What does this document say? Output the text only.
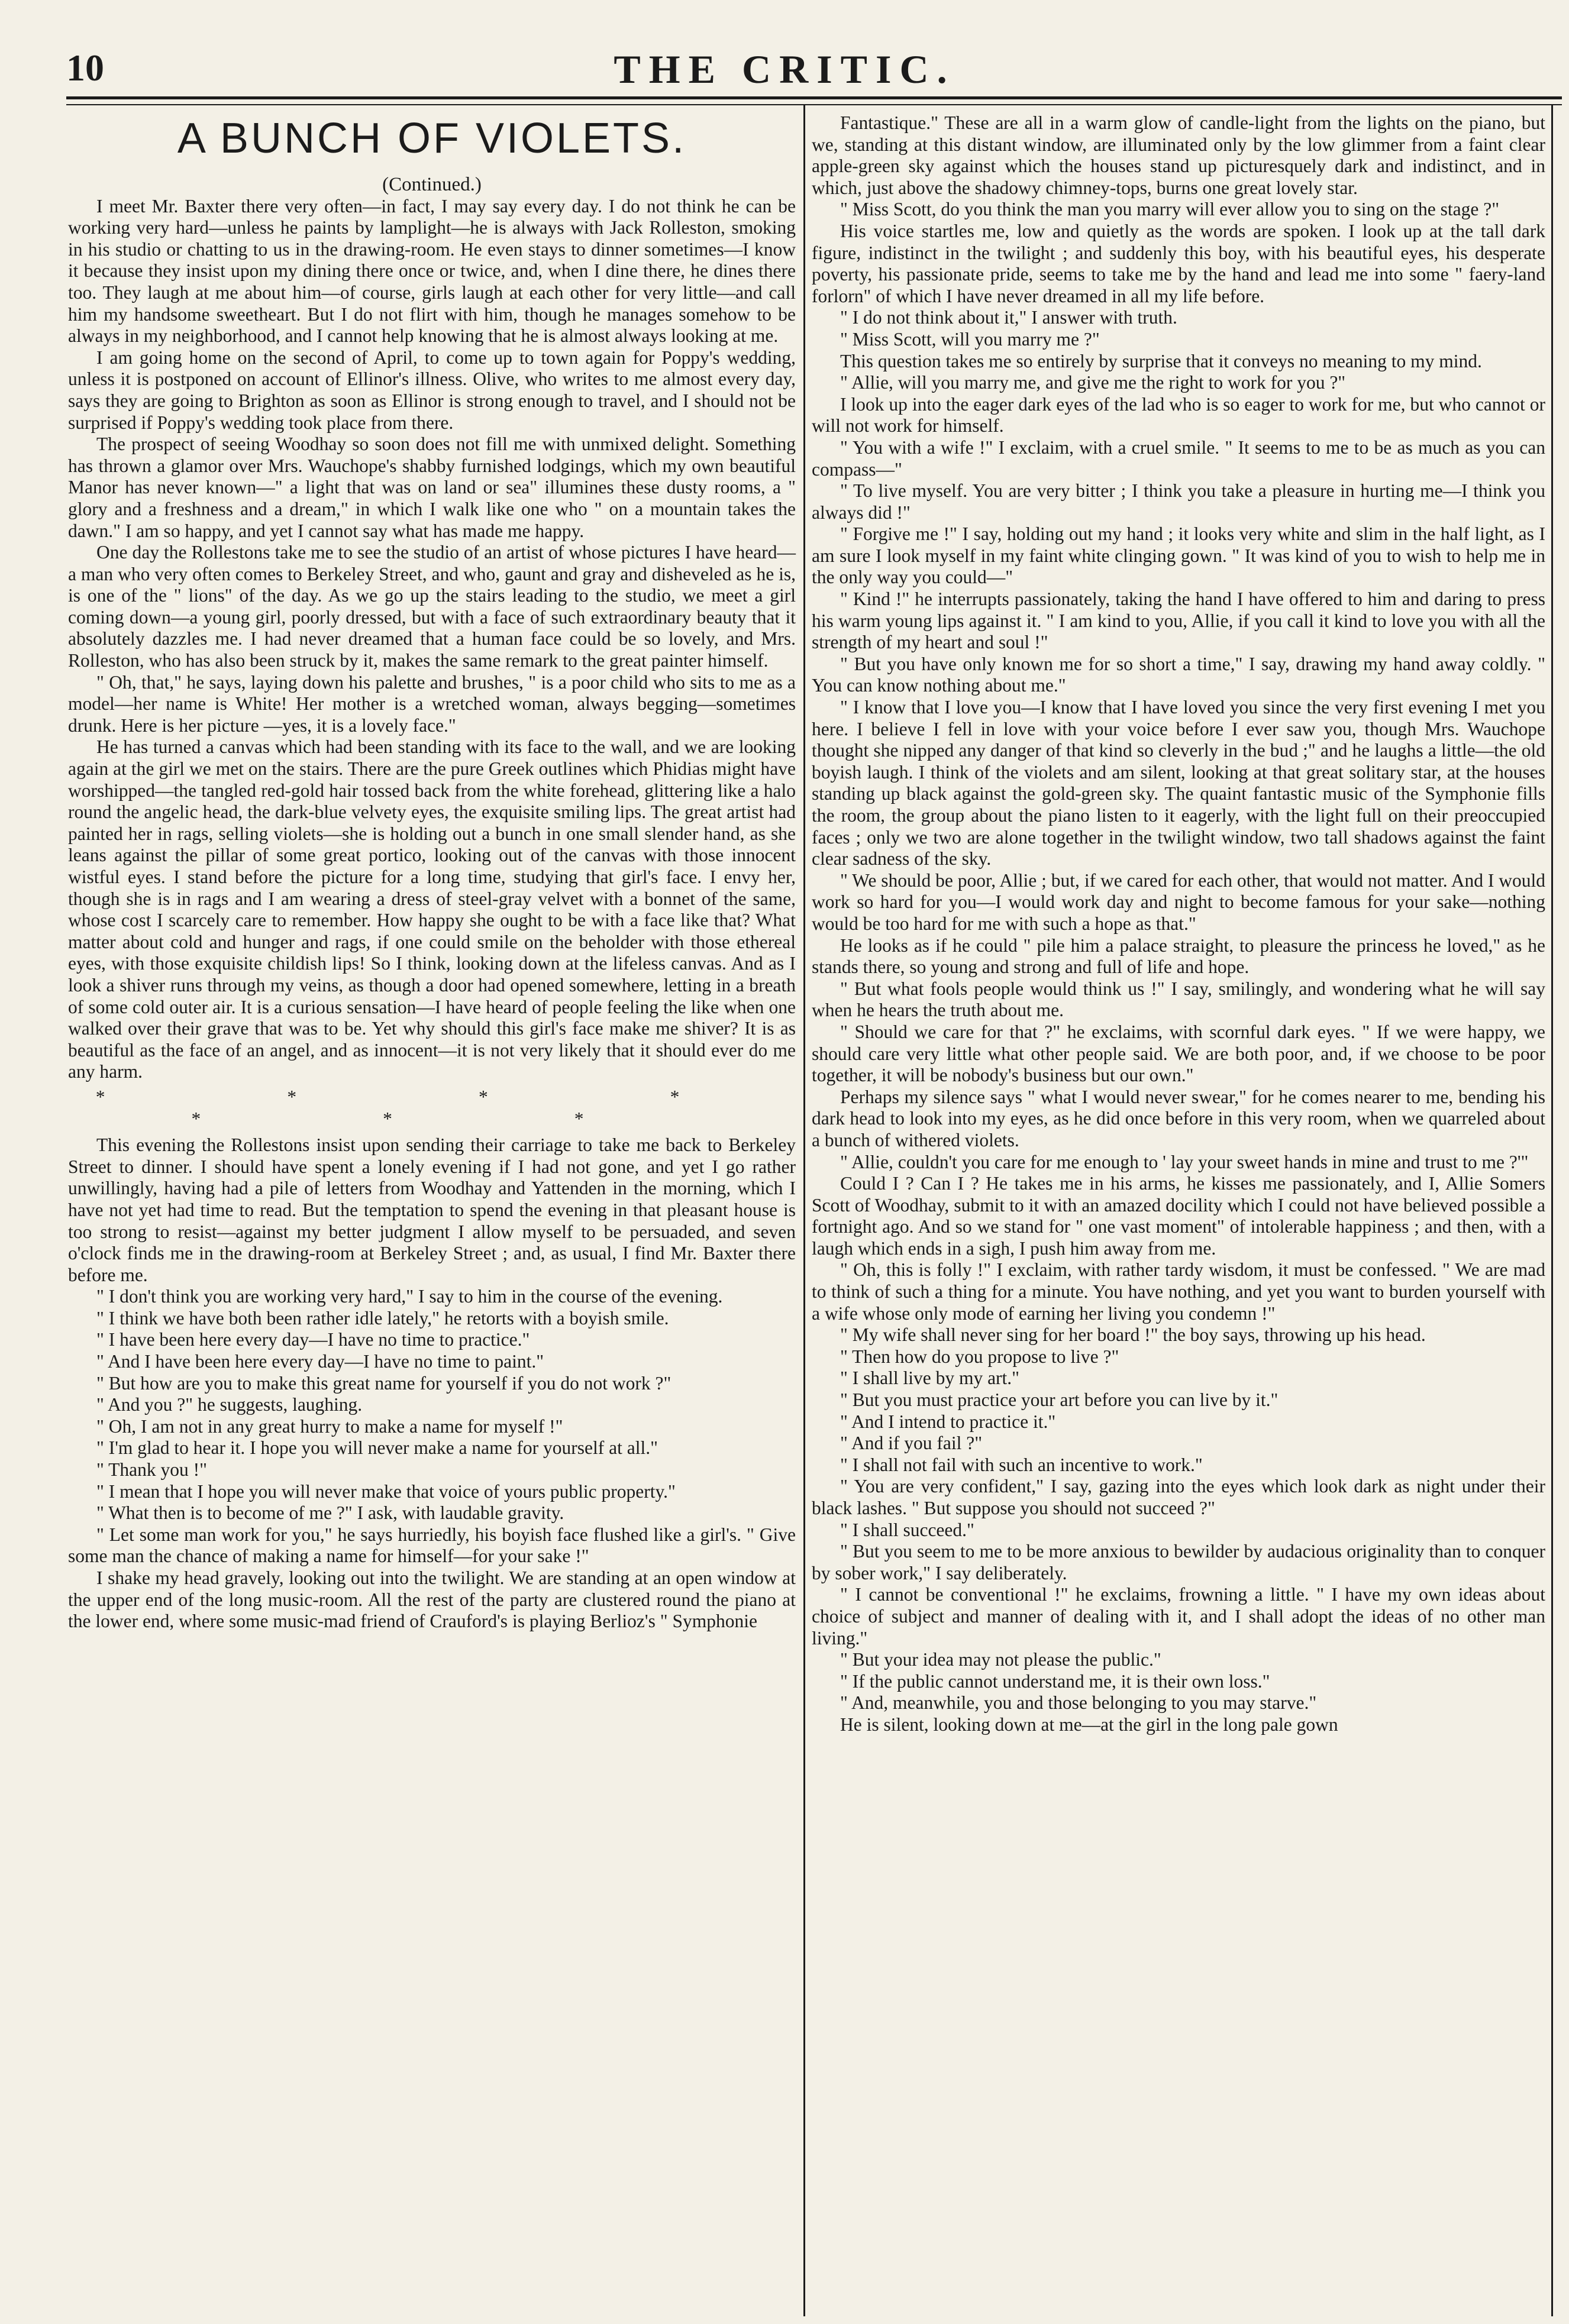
10	THE CRITIC.
A BUNCH OF VIOLETS.

(Continued.)

I meet Mr. Baxter there very often—in fact, I may say every day. I do not think he can be working very hard—unless he paints by lamplight—he is always with Jack Rolleston, smoking in his studio or chatting to us in the drawing-room. He even stays to dinner sometimes—I know it because they insist upon my dining there once or twice, and, when I dine there, he dines there too. They laugh at me about him—of course, girls laugh at each other for very little—and call him my handsome sweetheart. But I do not flirt with him, though he manages somehow to be always in my neighborhood, and I cannot help knowing that he is almost always looking at me.

I am going home on the second of April, to come up to town again for Poppy's wedding, unless it is postponed on account of Ellinor's illness. Olive, who writes to me almost every day, says they are going to Brighton as soon as Ellinor is strong enough to travel, and I should not be surprised if Poppy's wedding took place from there.

The prospect of seeing Woodhay so soon does not fill me with unmixed delight. Something has thrown a glamor over Mrs. Wauchope's shabby furnished lodgings, which my own beautiful Manor has never known—" a light that was on land or sea" illumines these dusty rooms, a " glory and a freshness and a dream," in which I walk like one who " on a mountain takes the dawn." I am so happy, and yet I cannot say what has made me happy.

One day the Rollestons take me to see the studio of an artist of whose pictures I have heard—a man who very often comes to Berkeley Street, and who, gaunt and gray and disheveled as he is, is one of the " lions" of the day. As we go up the stairs leading to the studio, we meet a girl coming down—a young girl, poorly dressed, but with a face of such extraordinary beauty that it absolutely dazzles me. I had never dreamed that a human face could be so lovely, and Mrs. Rolleston, who has also been struck by it, makes the same remark to the great painter himself.

" Oh, that," he says, laying down his palette and brushes, " is a poor child who sits to me as a model—her name is White! Her mother is a wretched woman, always begging—sometimes drunk. Here is her picture —yes, it is a lovely face."

He has turned a canvas which had been standing with its face to the wall, and we are looking again at the girl we met on the stairs. There are the pure Greek outlines which Phidias might have worshipped—the tangled red-gold hair tossed back from the white forehead, glittering like a halo round the angelic head, the dark-blue velvety eyes, the exquisite smiling lips. The great artist had painted her in rags, selling violets—she is holding out a bunch in one small slender hand, as she leans against the pillar of some great portico, looking out of the canvas with those innocent wistful eyes. I stand before the picture for a long time, studying that girl's face. I envy her, though she is in rags and I am wearing a dress of steel-gray velvet with a bonnet of the same, whose cost I scarcely care to remember. How happy she ought to be with a face like that? What matter about cold and hunger and rags, if one could smile on the beholder with those ethereal eyes, with those exquisite childish lips! So I think, looking down at the lifeless canvas. And as I look a shiver runs through my veins, as though a door had opened somewhere, letting in a breath of some cold outer air. It is a curious sensation—I have heard of people feeling the like when one walked over their grave that was to be. Yet why should this girl's face make me shiver? It is as beautiful as the face of an angel, and as innocent—it is not very likely that it should ever do me any harm.

* * * * * * *

This evening the Rollestons insist upon sending their carriage to take me back to Berkeley Street to dinner. I should have spent a lonely evening if I had not gone, and yet I go rather unwillingly, having had a pile of letters from Woodhay and Yattenden in the morning, which I have not yet had time to read. But the temptation to spend the evening in that pleasant house is too strong to resist—against my better judgment I allow myself to be persuaded, and seven o'clock finds me in the drawing-room at Berkeley Street ; and, as usual, I find Mr. Baxter there before me.

" I don't think you are working very hard," I say to him in the course of the evening.

" I think we have both been rather idle lately," he retorts with a boyish smile.

" I have been here every day—I have no time to practice."

" And I have been here every day—I have no time to paint."

" But how are you to make this great name for yourself if you do not work ?"

" And you ?" he suggests, laughing.

" Oh, I am not in any great hurry to make a name for myself !"

" I'm glad to hear it. I hope you will never make a name for yourself at all."

" Thank you !"

" I mean that I hope you will never make that voice of yours public property."

" What then is to become of me ?" I ask, with laudable gravity.

" Let some man work for you," he says hurriedly, his boyish face flushed like a girl's. " Give some man the chance of making a name for himself—for your sake !"

I shake my head gravely, looking out into the twilight. We are standing at an open window at the upper end of the long music-room. All the rest of the party are clustered round the piano at the lower end, where some music-mad friend of Crauford's is playing Berlioz's " Symphonie

Fantastique." These are all in a warm glow of candle-light from the lights on the piano, but we, standing at this distant window, are illuminated only by the low glimmer from a faint clear apple-green sky against which the houses stand up picturesquely dark and indistinct, and in which, just above the shadowy chimney-tops, burns one great lovely star.

" Miss Scott, do you think the man you marry will ever allow you to sing on the stage ?"

His voice startles me, low and quietly as the words are spoken. I look up at the tall dark figure, indistinct in the twilight ; and suddenly this boy, with his beautiful eyes, his desperate poverty, his passionate pride, seems to take me by the hand and lead me into some " faery-land forlorn" of which I have never dreamed in all my life before.

" I do not think about it," I answer with truth.

" Miss Scott, will you marry me ?"

This question takes me so entirely by surprise that it conveys no meaning to my mind.

" Allie, will you marry me, and give me the right to work for you ?"

I look up into the eager dark eyes of the lad who is so eager to work for me, but who cannot or will not work for himself.

" You with a wife !" I exclaim, with a cruel smile. " It seems to me to be as much as you can compass—"

" To live myself. You are very bitter ; I think you take a pleasure in hurting me—I think you always did !"

" Forgive me !" I say, holding out my hand ; it looks very white and slim in the half light, as I am sure I look myself in my faint white clinging gown. " It was kind of you to wish to help me in the only way you could—"

" Kind !" he interrupts passionately, taking the hand I have offered to him and daring to press his warm young lips against it. " I am kind to you, Allie, if you call it kind to love you with all the strength of my heart and soul !"

" But you have only known me for so short a time," I say, drawing my hand away coldly. " You can know nothing about me."

" I know that I love you—I know that I have loved you since the very first evening I met you here. I believe I fell in love with your voice before I ever saw you, though Mrs. Wauchope thought she nipped any danger of that kind so cleverly in the bud ;" and he laughs a little—the old boyish laugh. I think of the violets and am silent, looking at that great solitary star, at the houses standing up black against the gold-green sky. The quaint fantastic music of the Symphonie fills the room, the group about the piano listen to it eagerly, with the light full on their preoccupied faces ; only we two are alone together in the twilight window, two tall shadows against the faint clear sadness of the sky.

" We should be poor, Allie ; but, if we cared for each other, that would not matter. And I would work so hard for you—I would work day and night to become famous for your sake—nothing would be too hard for me with such a hope as that."

He looks as if he could " pile him a palace straight, to pleasure the princess he loved," as he stands there, so young and strong and full of life and hope.

" But what fools people would think us !" I say, smilingly, and wondering what he will say when he hears the truth about me.

" Should we care for that ?" he exclaims, with scornful dark eyes. " If we were happy, we should care very little what other people said. We are both poor, and, if we choose to be poor together, it will be nobody's business but our own."

Perhaps my silence says " what I would never swear," for he comes nearer to me, bending his dark head to look into my eyes, as he did once before in this very room, when we quarreled about a bunch of withered violets.

" Allie, couldn't you care for me enough to ' lay your sweet hands in mine and trust to me ?'"

Could I ? Can I ? He takes me in his arms, he kisses me passionately, and I, Allie Somers Scott of Woodhay, submit to it with an amazed docility which I could not have believed possible a fortnight ago. And so we stand for " one vast moment" of intolerable happiness ; and then, with a laugh which ends in a sigh, I push him away from me.

" Oh, this is folly !" I exclaim, with rather tardy wisdom, it must be confessed. " We are mad to think of such a thing for a minute. You have nothing, and yet you want to burden yourself with a wife whose only mode of earning her living you condemn !"

" My wife shall never sing for her board !" the boy says, throwing up his head.

" Then how do you propose to live ?"

" I shall live by my art."

" But you must practice your art before you can live by it."

" And I intend to practice it."

" And if you fail ?"

" I shall not fail with such an incentive to work."

" You are very confident," I say, gazing into the eyes which look dark as night under their black lashes. " But suppose you should not succeed ?"

" I shall succeed."

" But you seem to me to be more anxious to bewilder by audacious originality than to conquer by sober work," I say deliberately.

" I cannot be conventional !" he exclaims, frowning a little. " I have my own ideas about choice of subject and manner of dealing with it, and I shall adopt the ideas of no other man living."

" But your idea may not please the public."

" If the public cannot understand me, it is their own loss."

" And, meanwhile, you and those belonging to you may starve."

He is silent, looking down at me—at the girl in the long pale gown
